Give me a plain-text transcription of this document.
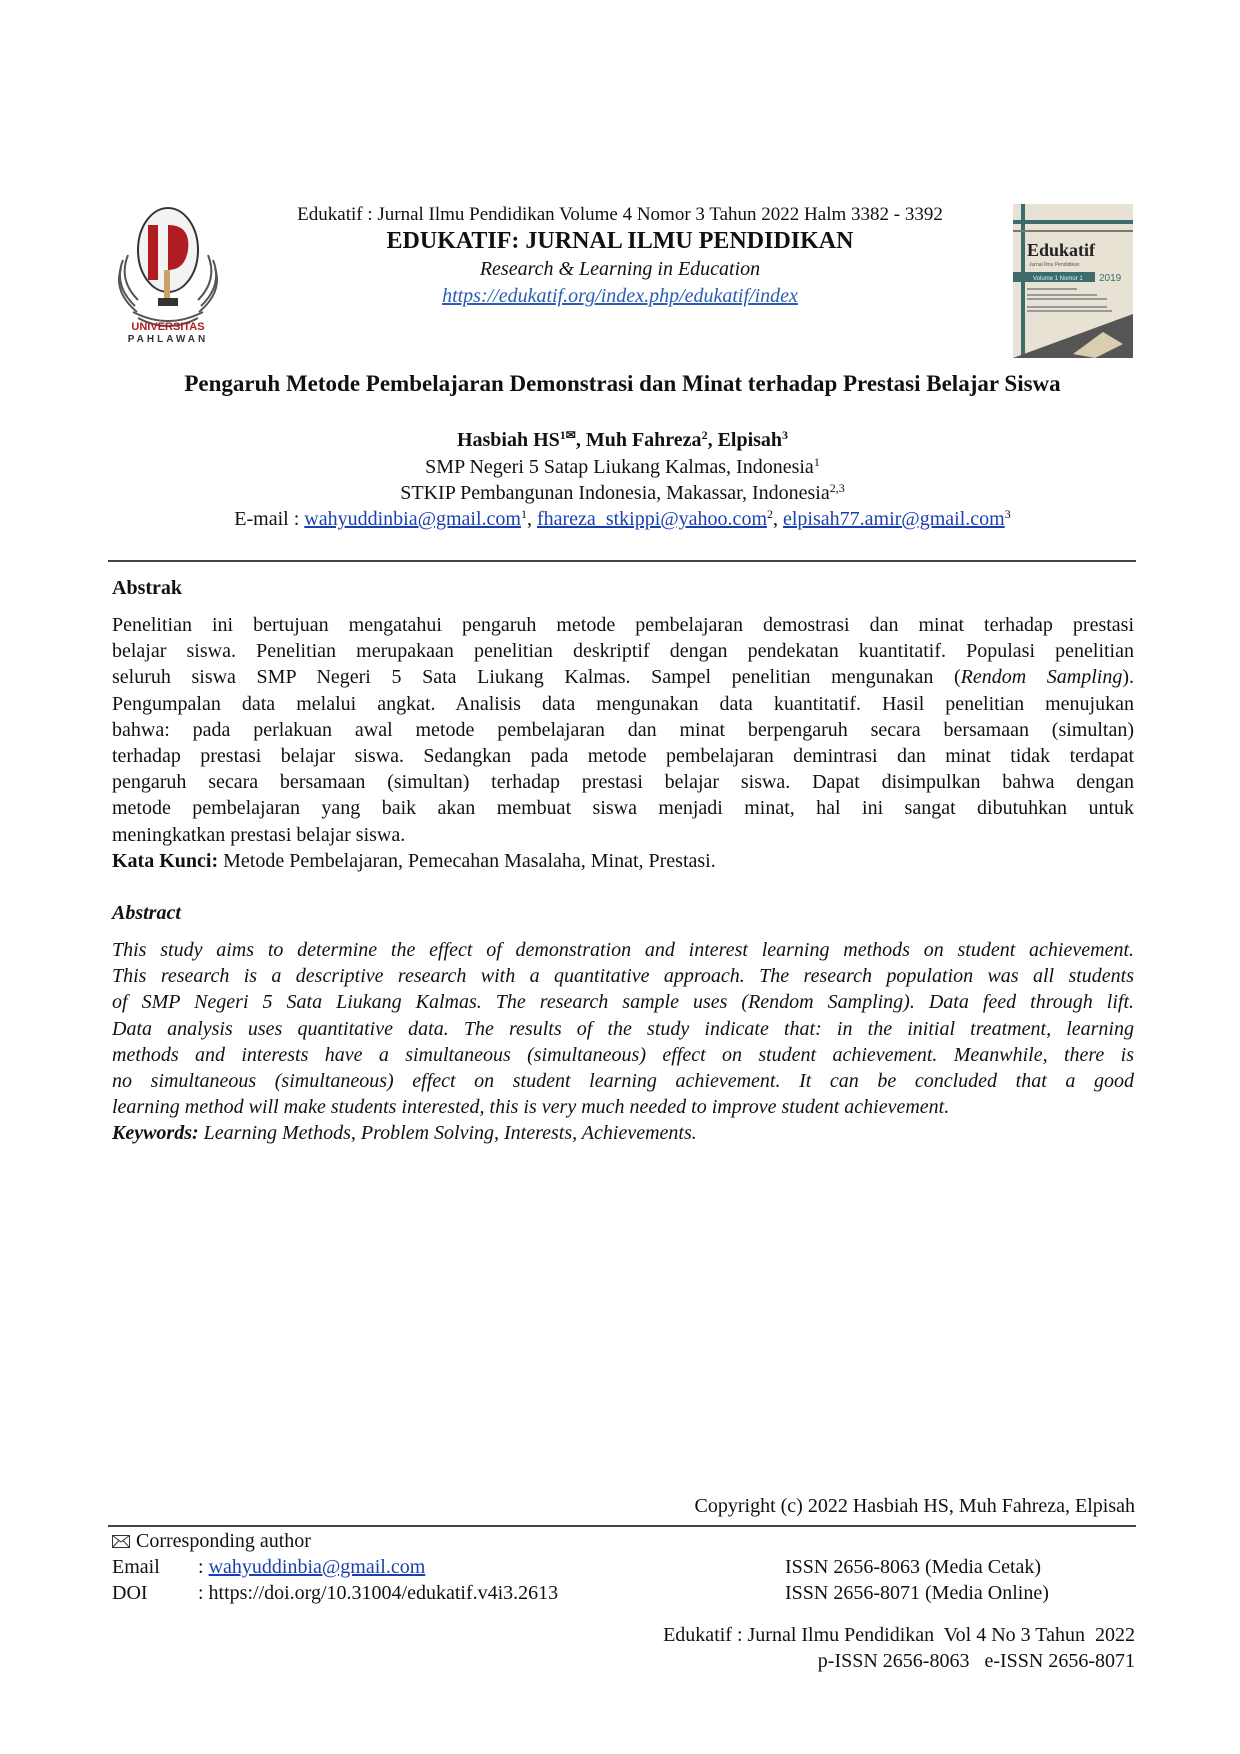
UNIVERSITAS
PAHLAWAN
Edukatif : Jurnal Ilmu Pendidikan Volume 4 Nomor 3 Tahun 2022 Halm 3382 - 3392
EDUKATIF: JURNAL ILMU PENDIDIKAN
Research & Learning in Education
https://edukatif.org/index.php/edukatif/index
Edukatif
Jurnal Ilmu Pendidikan
Volume 1 Nomor 1 2019
Pengaruh Metode Pembelajaran Demonstrasi dan Minat terhadap Prestasi Belajar Siswa
Hasbiah $HS^{1✉}$, Muh Fahreza$^2$, Elpisah$^3$
SMP Negeri 5 Satap Liukang Kalmas, Indonesia$^1$
STKIP Pembangunan Indonesia, Makassar, Indonesia$^{2,3}$
E-mail : wahyuddinbia@gmail.com$^1$, fhareza_stkippi@yahoo.com$^2$, elpisah77.amir@gmail.com$^3$
Abstrak
Penelitian ini bertujuan mengatahui pengaruh metode pembelajaran demostrasi dan minat terhadap prestasi
belajar siswa. Penelitian merupakaan penelitian deskriptif dengan pendekatan kuantitatif. Populasi penelitian
seluruh siswa SMP Negeri 5 Sata Liukang Kalmas. Sampel penelitian mengunakan (Rendom Sampling).
Pengumpalan data melalui angkat. Analisis data mengunakan data kuantitatif. Hasil penelitian menujukan
bahwa: pada perlakuan awal metode pembelajaran dan minat berpengaruh secara bersamaan (simultan)
terhadap prestasi belajar siswa. Sedangkan pada metode pembelajaran demintrasi dan minat tidak terdapat
pengaruh secara bersamaan (simultan) terhadap prestasi belajar siswa. Dapat disimpulkan bahwa dengan
metode pembelajaran yang baik akan membuat siswa menjadi minat, hal ini sangat dibutuhkan untuk
meningkatkan prestasi belajar siswa.
Kata Kunci: Metode Pembelajaran, Pemecahan Masalaha, Minat, Prestasi.
Abstract
This study aims to determine the effect of demonstration and interest learning methods on student achievement.
This research is a descriptive research with a quantitative approach. The research population was all students
of SMP Negeri 5 Sata Liukang Kalmas. The research sample uses (Rendom Sampling). Data feed through lift.
Data analysis uses quantitative data. The results of the study indicate that: in the initial treatment, learning
methods and interests have a simultaneous (simultaneous) effect on student achievement. Meanwhile, there is
no simultaneous (simultaneous) effect on student learning achievement. It can be concluded that a good
learning method will make students interested, this is very much needed to improve student achievement.
Keywords: Learning Methods, Problem Solving, Interests, Achievements.
Copyright (c) 2022 Hasbiah HS, Muh Fahreza, Elpisah
Corresponding author
Email : wahyuddinbia@gmail.com
DOI	: https://doi.org/10.31004/edukatif.v4i3.2613
ISSN 2656-8063 (Media Cetak)
ISSN 2656-8071 (Media Online)
Edukatif : Jurnal Ilmu Pendidikan  Vol 4 No 3 Tahun  2022
p-ISSN 2656-8063   e-ISSN 2656-8071
